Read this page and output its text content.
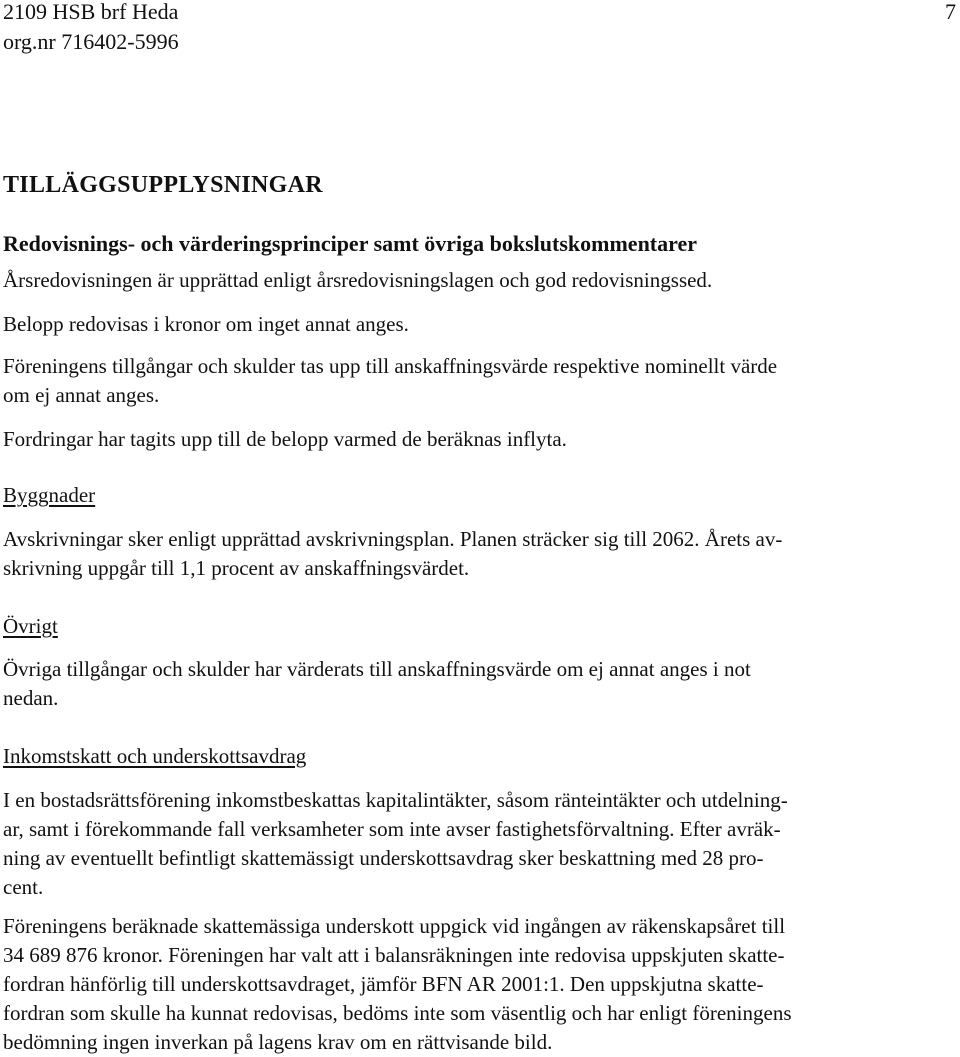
2109 HSB brf Heda
org.nr 716402-5996
7
TILLÄGGSUPPLYSNINGAR
Redovisnings- och värderingsprinciper samt övriga bokslutskommentarer

Årsredovisningen är upprättad enligt årsredovisningslagen och god redovisningssed.

Belopp redovisas i kronor om inget annat anges.

Föreningens tillgångar och skulder tas upp till anskaffningsvärde respektive nominellt värde

om ej annat anges.

Fordringar har tagits upp till de belopp varmed de beräknas inflyta.

Byggnader

Avskrivningar sker enligt upprättad avskrivningsplan. Planen sträcker sig till 2062. Årets av-

skrivning uppgår till 1,1 procent av anskaffningsvärdet.

Övrigt

Övriga tillgångar och skulder har värderats till anskaffningsvärde om ej annat anges i not

nedan.

Inkomstskatt och underskottsavdrag

I en bostadsrättsförening inkomstbeskattas kapitalintäkter, såsom ränteintäkter och utdelning-

ar, samt i förekommande fall verksamheter som inte avser fastighetsförvaltning. Efter avräk-

ning av eventuellt befintligt skattemässigt underskottsavdrag sker beskattning med 28 pro-

cent.

Föreningens beräknade skattemässiga underskott uppgick vid ingången av räkenskapsåret till

34 689 876 kronor. Föreningen har valt att i balansräkningen inte redovisa uppskjuten skatte-

fordran hänförlig till underskottsavdraget, jämför BFN AR 2001:1. Den uppskjutna skatte-

fordran som skulle ha kunnat redovisas, bedöms inte som väsentlig och har enligt föreningens

bedömning ingen inverkan på lagens krav om en rättvisande bild.
